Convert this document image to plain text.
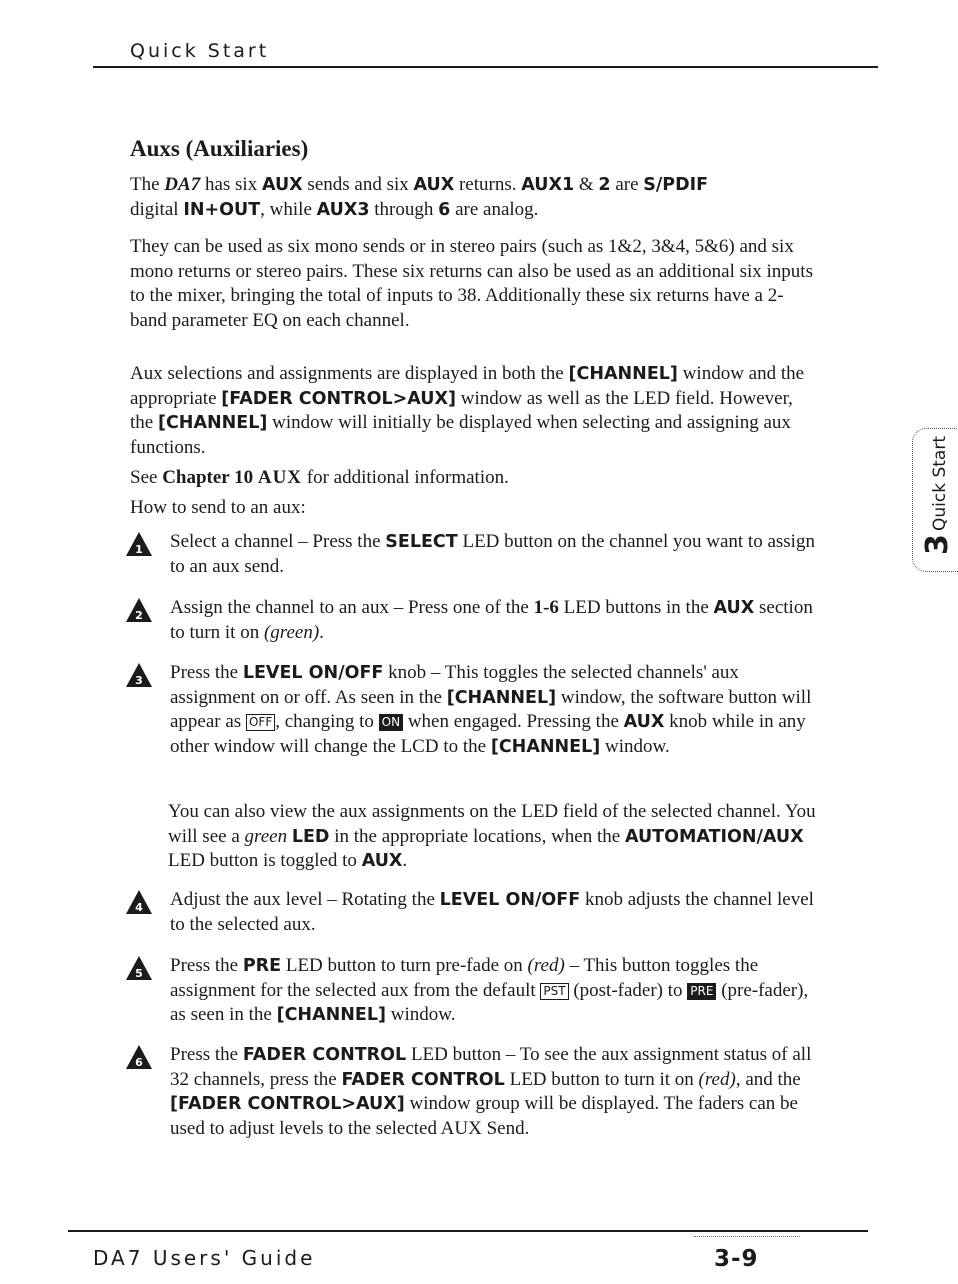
Quick Start
Auxs (Auxiliaries)
The DA7 has six AUX sends and six AUX returns. AUX1 & 2 are S/PDIF
digital IN+OUT, while AUX3 through 6 are analog.
They can be used as six mono sends or in stereo pairs (such as 1&2, 3&4, 5&6) and six mono returns or stereo pairs. These six returns can also be used as an additional six inputs to the mixer, bringing the total of inputs to 38. Additionally these six returns have a 2-band parameter EQ on each channel.
Aux selections and assignments are displayed in both the [CHANNEL] window and the appropriate [FADER CONTROL>AUX] window as well as the LED field. However, the [CHANNEL] window will initially be displayed when selecting and assigning aux functions.
See Chapter 10 AUX for additional information.
How to send to an aux:
1 Select a channel – Press the SELECT LED button on the channel you want to assign to an aux send.
2 Assign the channel to an aux – Press one of the 1-6 LED buttons in the AUX section to turn it on (green).
3 Press the LEVEL ON/OFF knob – This toggles the selected channels' aux assignment on or off. As seen in the [CHANNEL] window, the software button will appear as OFF , changing to ON when engaged. Pressing the AUX knob while in any other window will change the LCD to the [CHANNEL] window.
You can also view the aux assignments on the LED field of the selected channel. You will see a green LED in the appropriate locations, when the AUTOMATION/AUX LED button is toggled to AUX.
4 Adjust the aux level – Rotating the LEVEL ON/OFF knob adjusts the channel level to the selected aux.
5 Press the PRE LED button to turn pre-fade on (red) – This button toggles the assignment for the selected aux from the default PST (post-fader) to PRE (pre-fader), as seen in the [CHANNEL] window.
6 Press the FADER CONTROL LED button – To see the aux assignment status of all 32 channels, press the FADER CONTROL LED button to turn it on (red), and the [FADER CONTROL>AUX] window group will be displayed. The faders can be used to adjust levels to the selected AUX Send.
Quick Start
3
DA7 Users' Guide	3-9
